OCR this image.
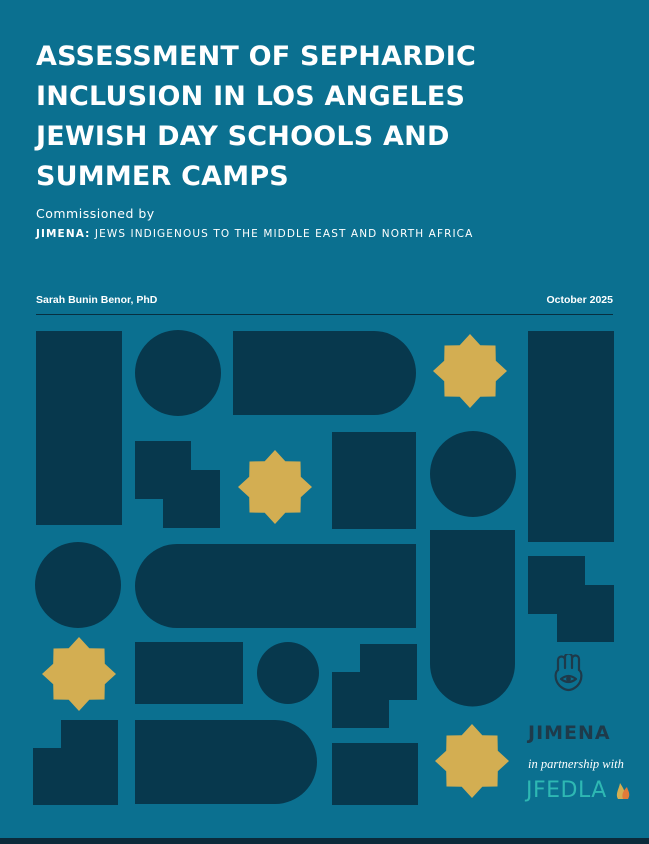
ASSESSMENT OF SEPHARDIC
INCLUSION IN LOS ANGELES
JEWISH DAY SCHOOLS AND
SUMMER CAMPS
Commissioned by
JIMENA: JEWS INDIGENOUS TO THE MIDDLE EAST AND NORTH AFRICA
Sarah Bunin Benor, PhD	October 2025
JIMENA
in partnership with
JFEDLA
